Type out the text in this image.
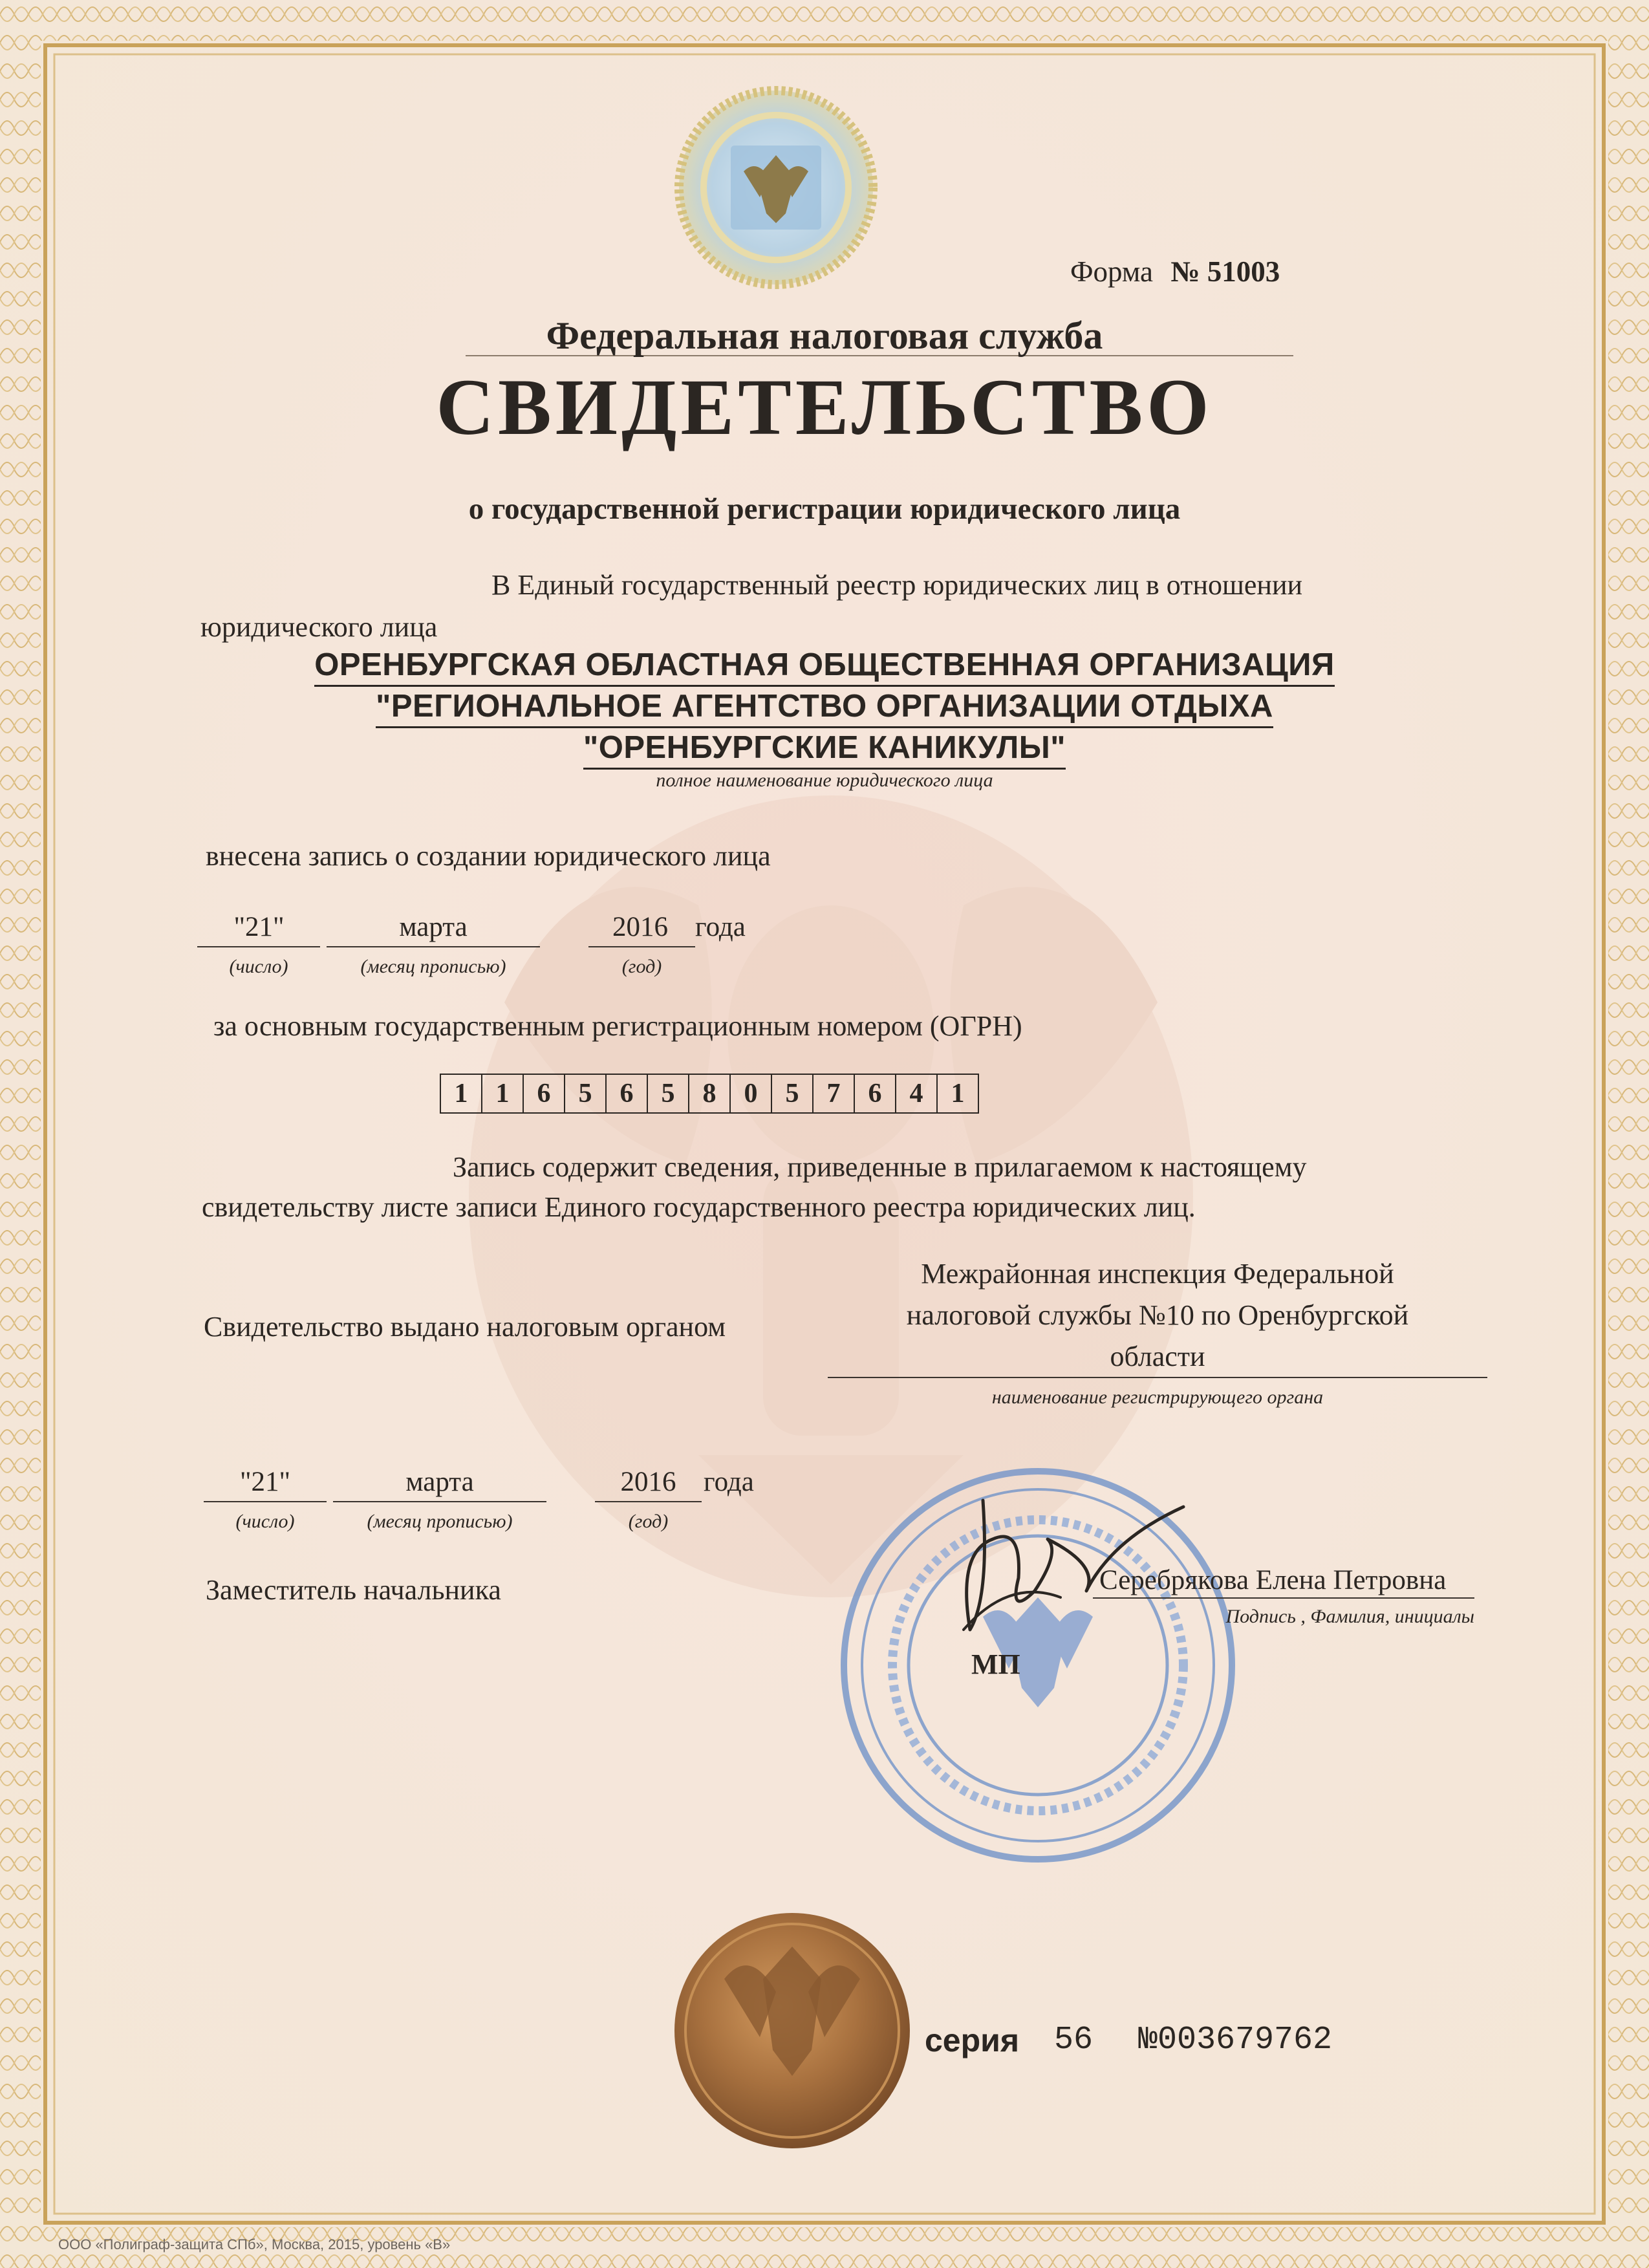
Форма № 51003
Федеральная налоговая служба
СВИДЕТЕЛЬСТВО
о государственной регистрации юридического лица
В Единый государственный реестр юридических лиц в отношении
юридического лица
ОРЕНБУРГСКАЯ ОБЛАСТНАЯ ОБЩЕСТВЕННАЯ ОРГАНИЗАЦИЯ
"РЕГИОНАЛЬНОЕ АГЕНТСТВО ОРГАНИЗАЦИИ ОТДЫХА
"ОРЕНБУРГСКИЕ КАНИКУЛЫ"
полное наименование юридического лица
внесена запись о создании юридического лица
"21"
(число)
марта
(месяц прописью)
2016
(год)
года
за основным государственным регистрационным номером (ОГРН)
1	1	6	5	6	5	8	0	5	7	6	4	1
Запись содержит сведения, приведенные в прилагаемом к настоящему
свидетельству листе записи Единого государственного реестра юридических лиц.
Свидетельство выдано налоговым органом
Межрайонная инспекция Федеральной
налоговой службы №10 по Оренбургской
области
наименование регистрирующего органа
"21"
(число)
марта
(месяц прописью)
2016
(год)
года
Заместитель начальника	Серебрякова Елена Петровна
Подпись , Фамилия, инициалы
МП
серия 56 №003679762
ООО «Полиграф-защита СПб», Москва, 2015, уровень «В»
